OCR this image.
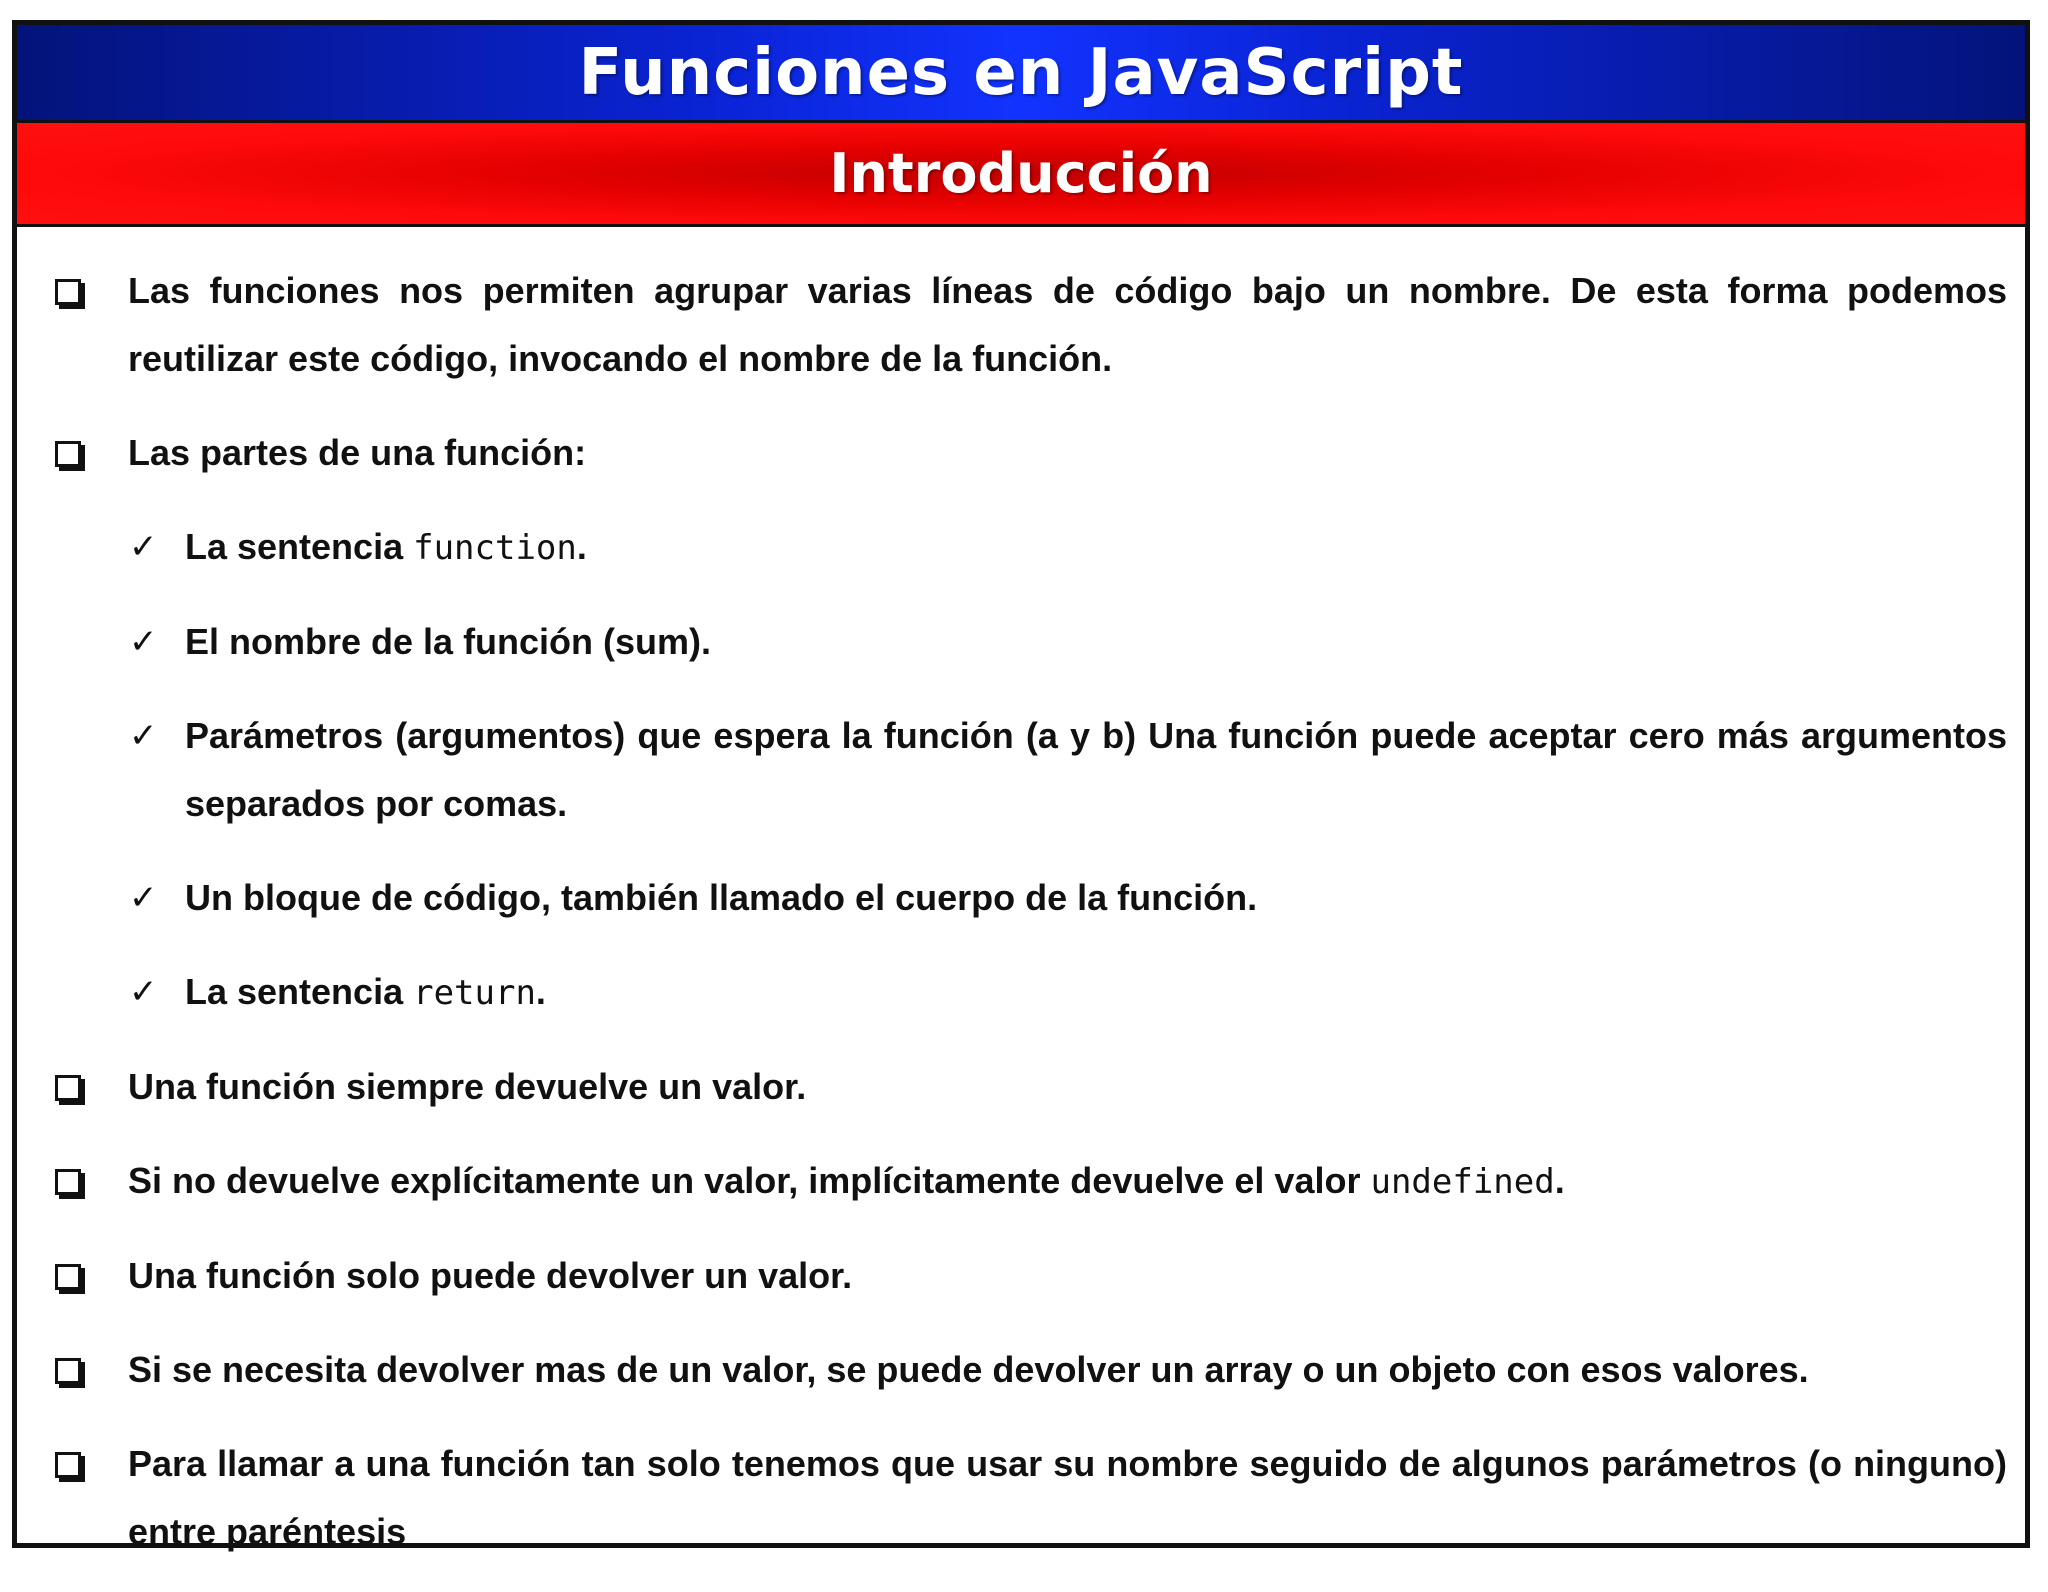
Funciones en JavaScript
Introducción
Las funciones nos permiten agrupar varias líneas de código bajo un nombre. De esta forma podemos reutilizar este código, invocando el nombre de la función.
Las partes de una función:
✓ La sentencia function.
✓ El nombre de la función (sum).
✓ Parámetros (argumentos) que espera la función (a y b) Una función puede aceptar cero más argumentos separados por comas.
✓ Un bloque de código, también llamado el cuerpo de la función.
✓ La sentencia return.
Una función siempre devuelve un valor.
Si no devuelve explícitamente un valor, implícitamente devuelve el valor undefined.
Una función solo puede devolver un valor.
Si se necesita devolver mas de un valor, se puede devolver un array o un objeto con esos valores.
Para llamar a una función tan solo tenemos que usar su nombre seguido de algunos parámetros (o ninguno) entre paréntesis
